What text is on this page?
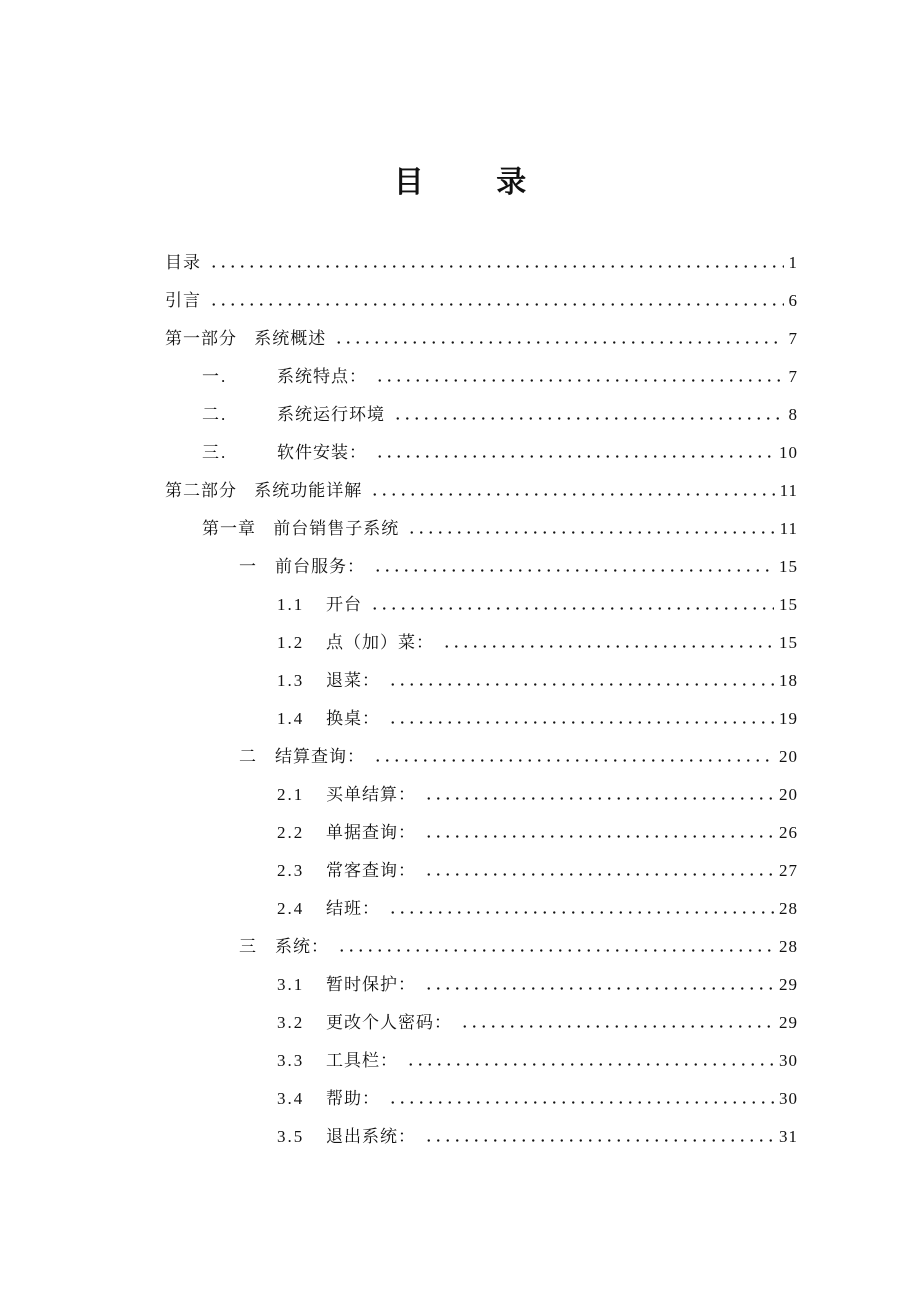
目 录
目录	1
引言	6
第一部分 系统概述	7
一.	系统特点：	7
二.	系统运行环境	8
三.	软件安装：	10
第二部分 系统功能详解	11
第一章 前台销售子系统	11
一	前台服务：	15
1.1	开台	15
1.2	点（加）菜：	15
1.3	退菜：	18
1.4	换桌：	19
二	结算查询：	20
2.1	买单结算：	20
2.2	单据查询：	26
2.3	常客查询：	27
2.4	结班：	28
三	系统：	28
3.1	暂时保护：	29
3.2	更改个人密码：	29
3.3	工具栏：	30
3.4	帮助：	30
3.5	退出系统：	31
